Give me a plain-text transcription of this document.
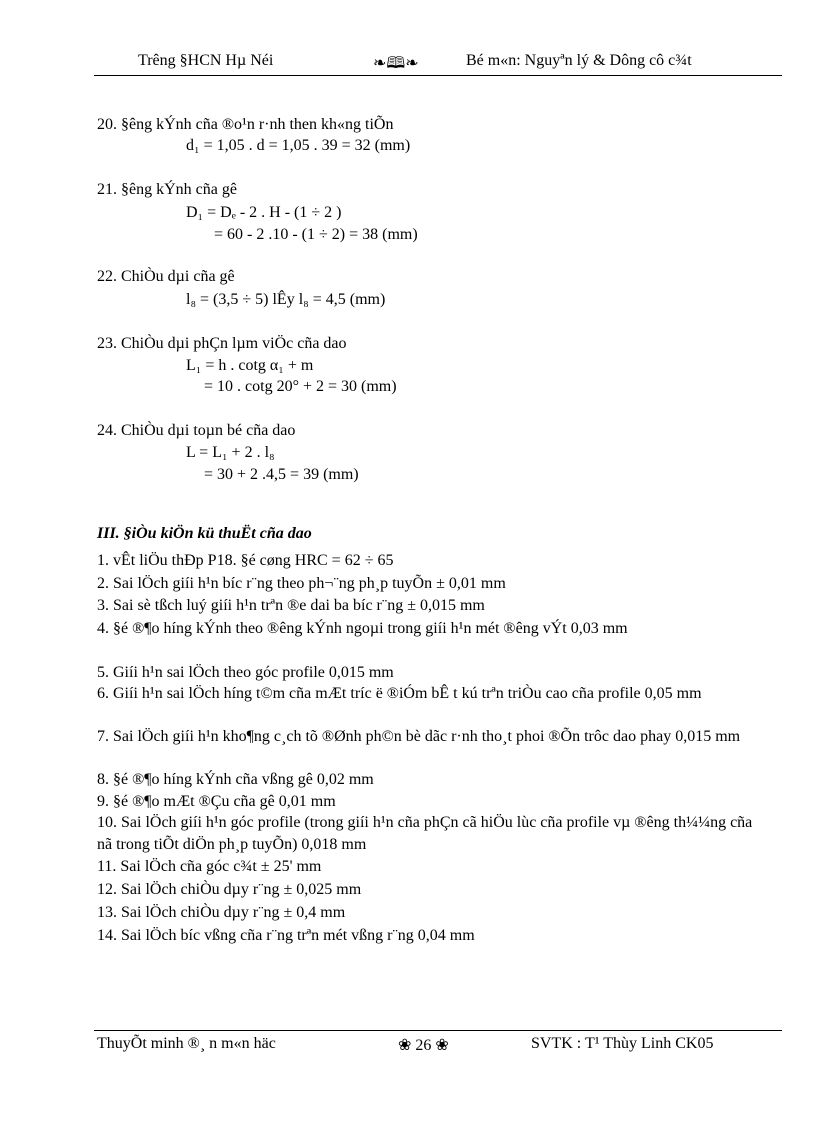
Trêng §HCN Hµ Néi	❧🕮❧	Bé m«n: Nguyªn lý & Dông cô c¾t
20. §êng kÝnh cña ®o¹n r·nh then kh«ng tiÕn
d₁ = 1,05 . d = 1,05 . 39 = 32 (mm)
21. §êng kÝnh cña gê
D₁ = Dₑ - 2 . H - (1 ÷ 2 )
= 60 - 2 .10 - (1 ÷ 2) = 38 (mm)
22. ChiÒu dµi cña gê
l₈ = (3,5 ÷ 5) lÊy l₈ = 4,5 (mm)
23. ChiÒu dµi phÇn lµm viÖc cña dao
L₁ = h . cotg α₁ + m
= 10 . cotg 20° + 2 = 30 (mm)
24. ChiÒu dµi toµn bé cña dao
L = L₁ + 2 . l₈
= 30 + 2 .4,5 = 39 (mm)
III. §iÒu kiÖn kü thuËt cña dao
1. vÊt liÖu thÐp P18. §é cøng HRC = 62 ÷ 65
2. Sai lÖch giíi h¹n bíc r¨ng theo ph¬¨ng ph¸p tuyÕn ± 0,01 mm
3. Sai sè tßch luý giíi h¹n trªn ®e dai ba bíc r¨ng ± 0,015 mm
4. §é ®¶o híng kÝnh theo ®êng kÝnh ngoµi trong giíi h¹n mét ®êng vÝt 0,03 mm
5. Giíi h¹n sai lÖch theo góc profile 0,015 mm
6. Giíi h¹n sai lÖch híng t©m cña mÆt tríc ë ®iÓm bÊ t kú trªn triÒu cao cña profile 0,05 mm
7. Sai lÖch giíi h¹n kho¶ng c¸ch tõ ®Ønh ph©n bè dãc r·nh tho¸t phoi ®Õn trôc dao phay 0,015 mm
8. §é ®¶o híng kÝnh cña vßng gê 0,02 mm
9. §é ®¶o mÆt ®Çu cña gê 0,01 mm
10. Sai lÖch giíi h¹n góc profile (trong giíi h¹n cña phÇn cã hiÖu lùc cña profile vµ ®êng th¼¼ng cña nã trong tiÕt diÖn ph¸p tuyÕn) 0,018 mm
11. Sai lÖch cña góc c¾t ± 25' mm
12. Sai lÖch chiÒu dµy r¨ng ± 0,025 mm
13. Sai lÖch chiÒu dµy r¨ng ± 0,4 mm
14. Sai lÖch bíc vßng cña r¨ng trªn mét vßng r¨ng 0,04 mm
ThuyÕt minh ®¸ n m«n häc	❀ 26 ❀	SVTK : T¹ Thùy Linh CK05
